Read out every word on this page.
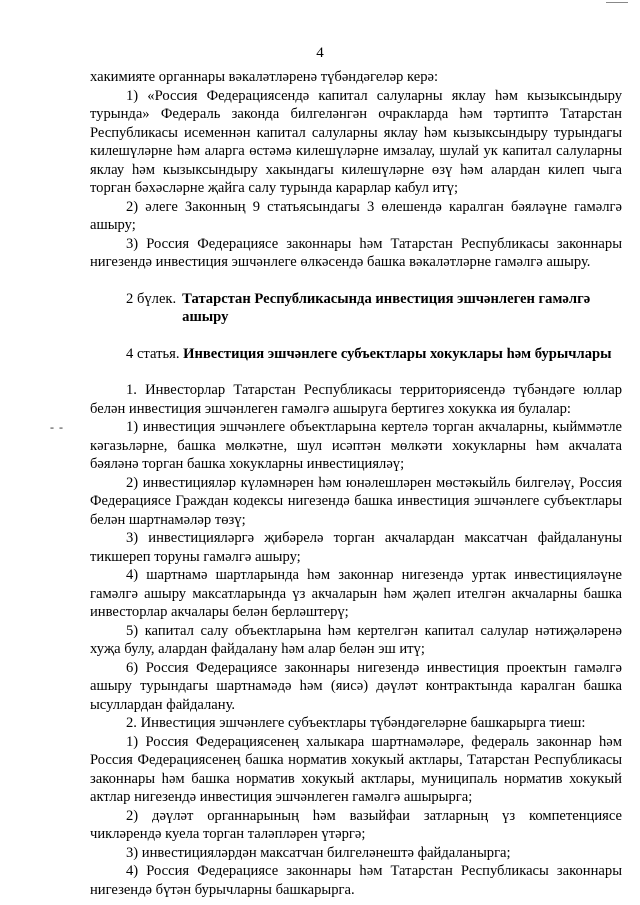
4
- -

хакимияте органнары вәкаләтләренә түбәндәгеләр керә:

1) «Россия Федерациясендә капитал салуларны яклау һәм кызыксындыру турында» Федераль законда билгеләнгән очракларда һәм тәртиптә Татарстан Республикасы исеменнән капитал салуларны яклау һәм кызыксындыру турындагы килешүләрне һәм аларга өстәмә килешүләрне имзалау, шулай ук капитал салуларны яклау һәм кызыксындыру хакындагы килешүләрне өзү һәм алардан килеп чыга торган бәхәсләрне җайга салу турында карарлар кабул итү;

2) әлеге Законның 9 статьясындагы 3 өлешендә каралган бәяләүне гамәлгә ашыру;

3) Россия Федерациясе законнары һәм Татарстан Республикасы законнары нигезендә инвестиция эшчәнлеге өлкәсендә башка вәкаләтләрне гамәлгә ашыру.

2 бүлек. Татарстан Республикасында инвестиция эшчәнлеген гамәлгә ашыру

4 статья. Инвестиция эшчәнлеге субъектлары хокуклары һәм бурычлары

1. Инвесторлар Татарстан Республикасы территориясендә түбәндәге юллар белән инвестиция эшчәнлеген гамәлгә ашыруга бертигез хокукка ия булалар:

1) инвестиция эшчәнлеге объектларына кертелә торган акчаларны, кыйммәтле кәгазьләрне, башка мөлкәтне, шул исәптән мөлкәти хокукларны һәм акчалата бәяләнә торган башка хокукларны инвестицияләү;

2) инвестицияләр күләмнәрен һәм юнәлешләрен мөстәкыйль билгеләү, Россия Федерациясе Граждан кодексы нигезендә башка инвестиция эшчәнлеге субъектлары белән шартнамәләр төзү;

3) инвестицияләргә җибәрелә торган акчалардан максатчан файдалануны тикшереп торуны гамәлгә ашыру;

4) шартнамә шартларында һәм законнар нигезендә уртак инвестицияләүне гамәлгә ашыру максатларында үз акчаларын һәм җәлеп ителгән акчаларны башка инвесторлар акчалары белән берләштерү;

5) капитал салу объектларына һәм кертелгән капитал салулар нәтиҗәләренә хуҗа булу, алардан файдалану һәм алар белән эш итү;

6) Россия Федерациясе законнары нигезендә инвестиция проектын гамәлгә ашыру турындагы шартнамәдә һәм (яисә) дәүләт контрактында каралган башка ысуллардан файдалану.

2. Инвестиция эшчәнлеге субъектлары түбәндәгеләрне башкарырга тиеш:

1) Россия Федерациясенең халыкара шартнамәләре, федераль законнар һәм Россия Федерациясенең башка норматив хокукый актлары, Татарстан Республикасы законнары һәм башка норматив хокукый актлары, муниципаль норматив хокукый актлар нигезендә инвестиция эшчәнлеген гамәлгә ашырырга;

2) дәүләт органнарының һәм вазыйфаи затларның үз компетенциясе чикләрендә куела торган таләпләрен үтәргә;

3) инвестицияләрдән максатчан билгеләнештә файдаланырга;

4) Россия Федерациясе законнары һәм Татарстан Республикасы законнары нигезендә бүтән бурычларны башкарырга.
